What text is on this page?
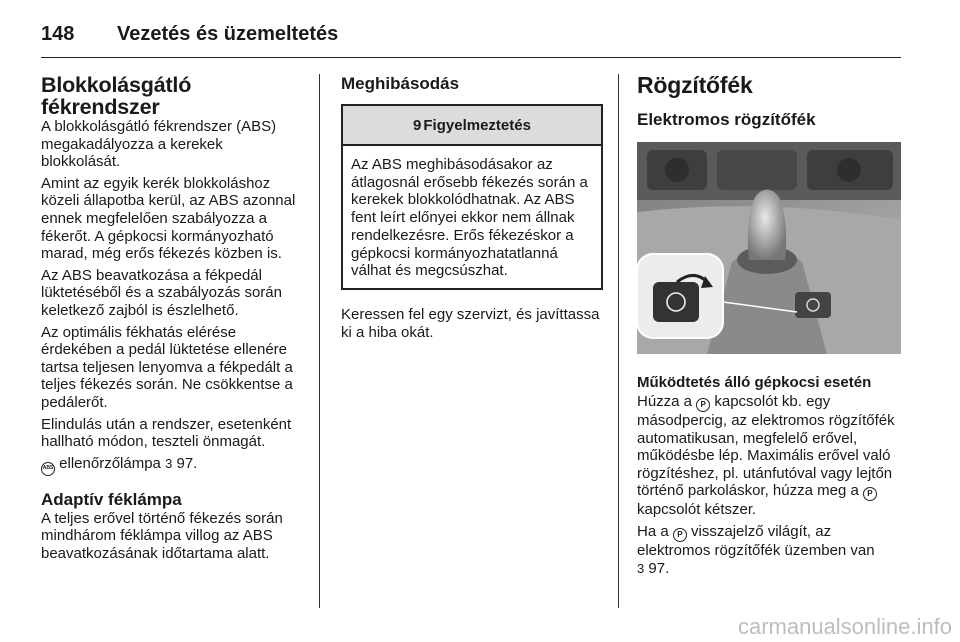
148	Vezetés és üzemeltetés
Blokkolásgátló fékrendszer

A blokkolásgátló fékrendszer (ABS) megakadályozza a kerekek blokkolását.

Amint az egyik kerék blokkoláshoz közeli állapotba kerül, az ABS azonnal ennek megfelelően szabályozza a fékerőt. A gépkocsi kormányozható marad, még erős fékezés közben is.

Az ABS beavatkozása a fékpedál lüktetéséből és a szabályozás során keletkező zajból is észlelhető.

Az optimális fékhatás elérése érdekében a pedál lüktetése ellenére tartsa teljesen lenyomva a fékpedált a teljes fékezés során. Ne csökkentse a pedálerőt.

Elindulás után a rendszer, esetenként hallható módon, teszteli önmagát.

ABS ellenőrzőlámpa 3 97.

Adaptív féklámpa

A teljes erővel történő fékezés során mindhárom féklámpa villog az ABS beavatkozásának időtartama alatt.

Meghibásodás
9 Figyelmeztetés
Az ABS meghibásodásakor az átlagosnál erősebb fékezés során a kerekek blokkolódhatnak. Az ABS fent leírt előnyei ekkor nem állnak rendelkezésre. Erős fékezéskor a gépkocsi kormányozhatatlanná válhat és megcsúszhat.

Keressen fel egy szervizt, és javíttassa ki a hiba okát.

Rögzítőfék
Elektromos rögzítőfék
Működtetés álló gépkocsi esetén

Húzza a P kapcsolót kb. egy másodpercig, az elektromos rögzítőfék automatikusan, megfelelő erővel, működésbe lép. Maximális erővel való rögzítéshez, pl. utánfutóval vagy lejtőn történő parkoláskor, húzza meg a P kapcsolót kétszer.

Ha a P visszajelző világít, az elektromos rögzítőfék üzemben van
3 97.

carmanualsonline.info
